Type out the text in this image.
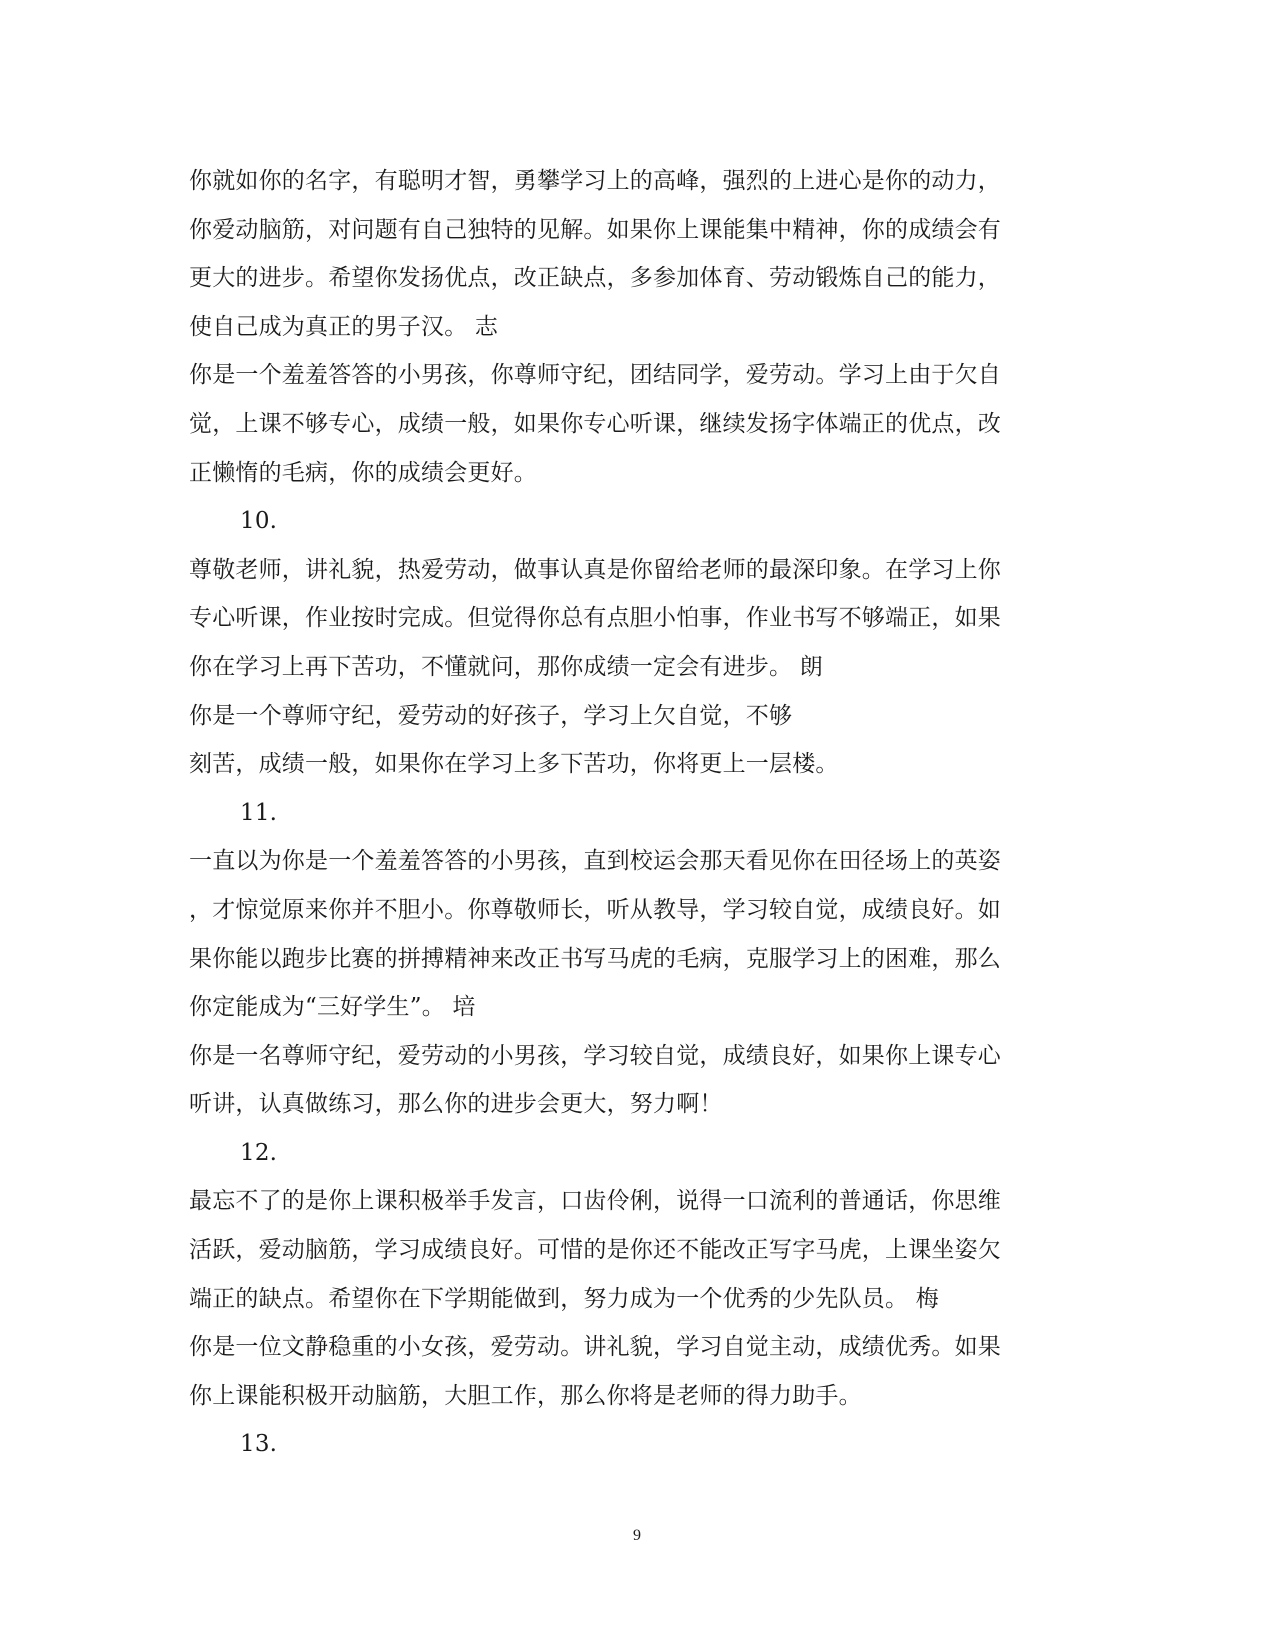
你就如你的名字，有聪明才智，勇攀学习上的高峰，强烈的上进心是你的动力，
你爱动脑筋，对问题有自己独特的见解。如果你上课能集中精神，你的成绩会有
更大的进步。希望你发扬优点，改正缺点，多参加体育、劳动锻炼自己的能力，
使自己成为真正的男子汉。 志
你是一个羞羞答答的小男孩，你尊师守纪，团结同学，爱劳动。学习上由于欠自
觉，上课不够专心，成绩一般，如果你专心听课，继续发扬字体端正的优点，改
正懒惰的毛病，你的成绩会更好。
10.
尊敬老师，讲礼貌，热爱劳动，做事认真是你留给老师的最深印象。在学习上你
专心听课，作业按时完成。但觉得你总有点胆小怕事，作业书写不够端正，如果
你在学习上再下苦功，不懂就问，那你成绩一定会有进步。 朗
你是一个尊师守纪，爱劳动的好孩子，学习上欠自觉，不够
刻苦，成绩一般，如果你在学习上多下苦功，你将更上一层楼。
11.
一直以为你是一个羞羞答答的小男孩，直到校运会那天看见你在田径场上的英姿
，才惊觉原来你并不胆小。你尊敬师长，听从教导，学习较自觉，成绩良好。如
果你能以跑步比赛的拼搏精神来改正书写马虎的毛病，克服学习上的困难，那么
你定能成为“三好学生”。 培
你是一名尊师守纪，爱劳动的小男孩，学习较自觉，成绩良好，如果你上课专心
听讲，认真做练习，那么你的进步会更大，努力啊！
12.
最忘不了的是你上课积极举手发言，口齿伶俐，说得一口流利的普通话，你思维
活跃，爱动脑筋，学习成绩良好。可惜的是你还不能改正写字马虎，上课坐姿欠
端正的缺点。希望你在下学期能做到，努力成为一个优秀的少先队员。 梅
你是一位文静稳重的小女孩，爱劳动。讲礼貌，学习自觉主动，成绩优秀。如果
你上课能积极开动脑筋，大胆工作，那么你将是老师的得力助手。
13.
9
